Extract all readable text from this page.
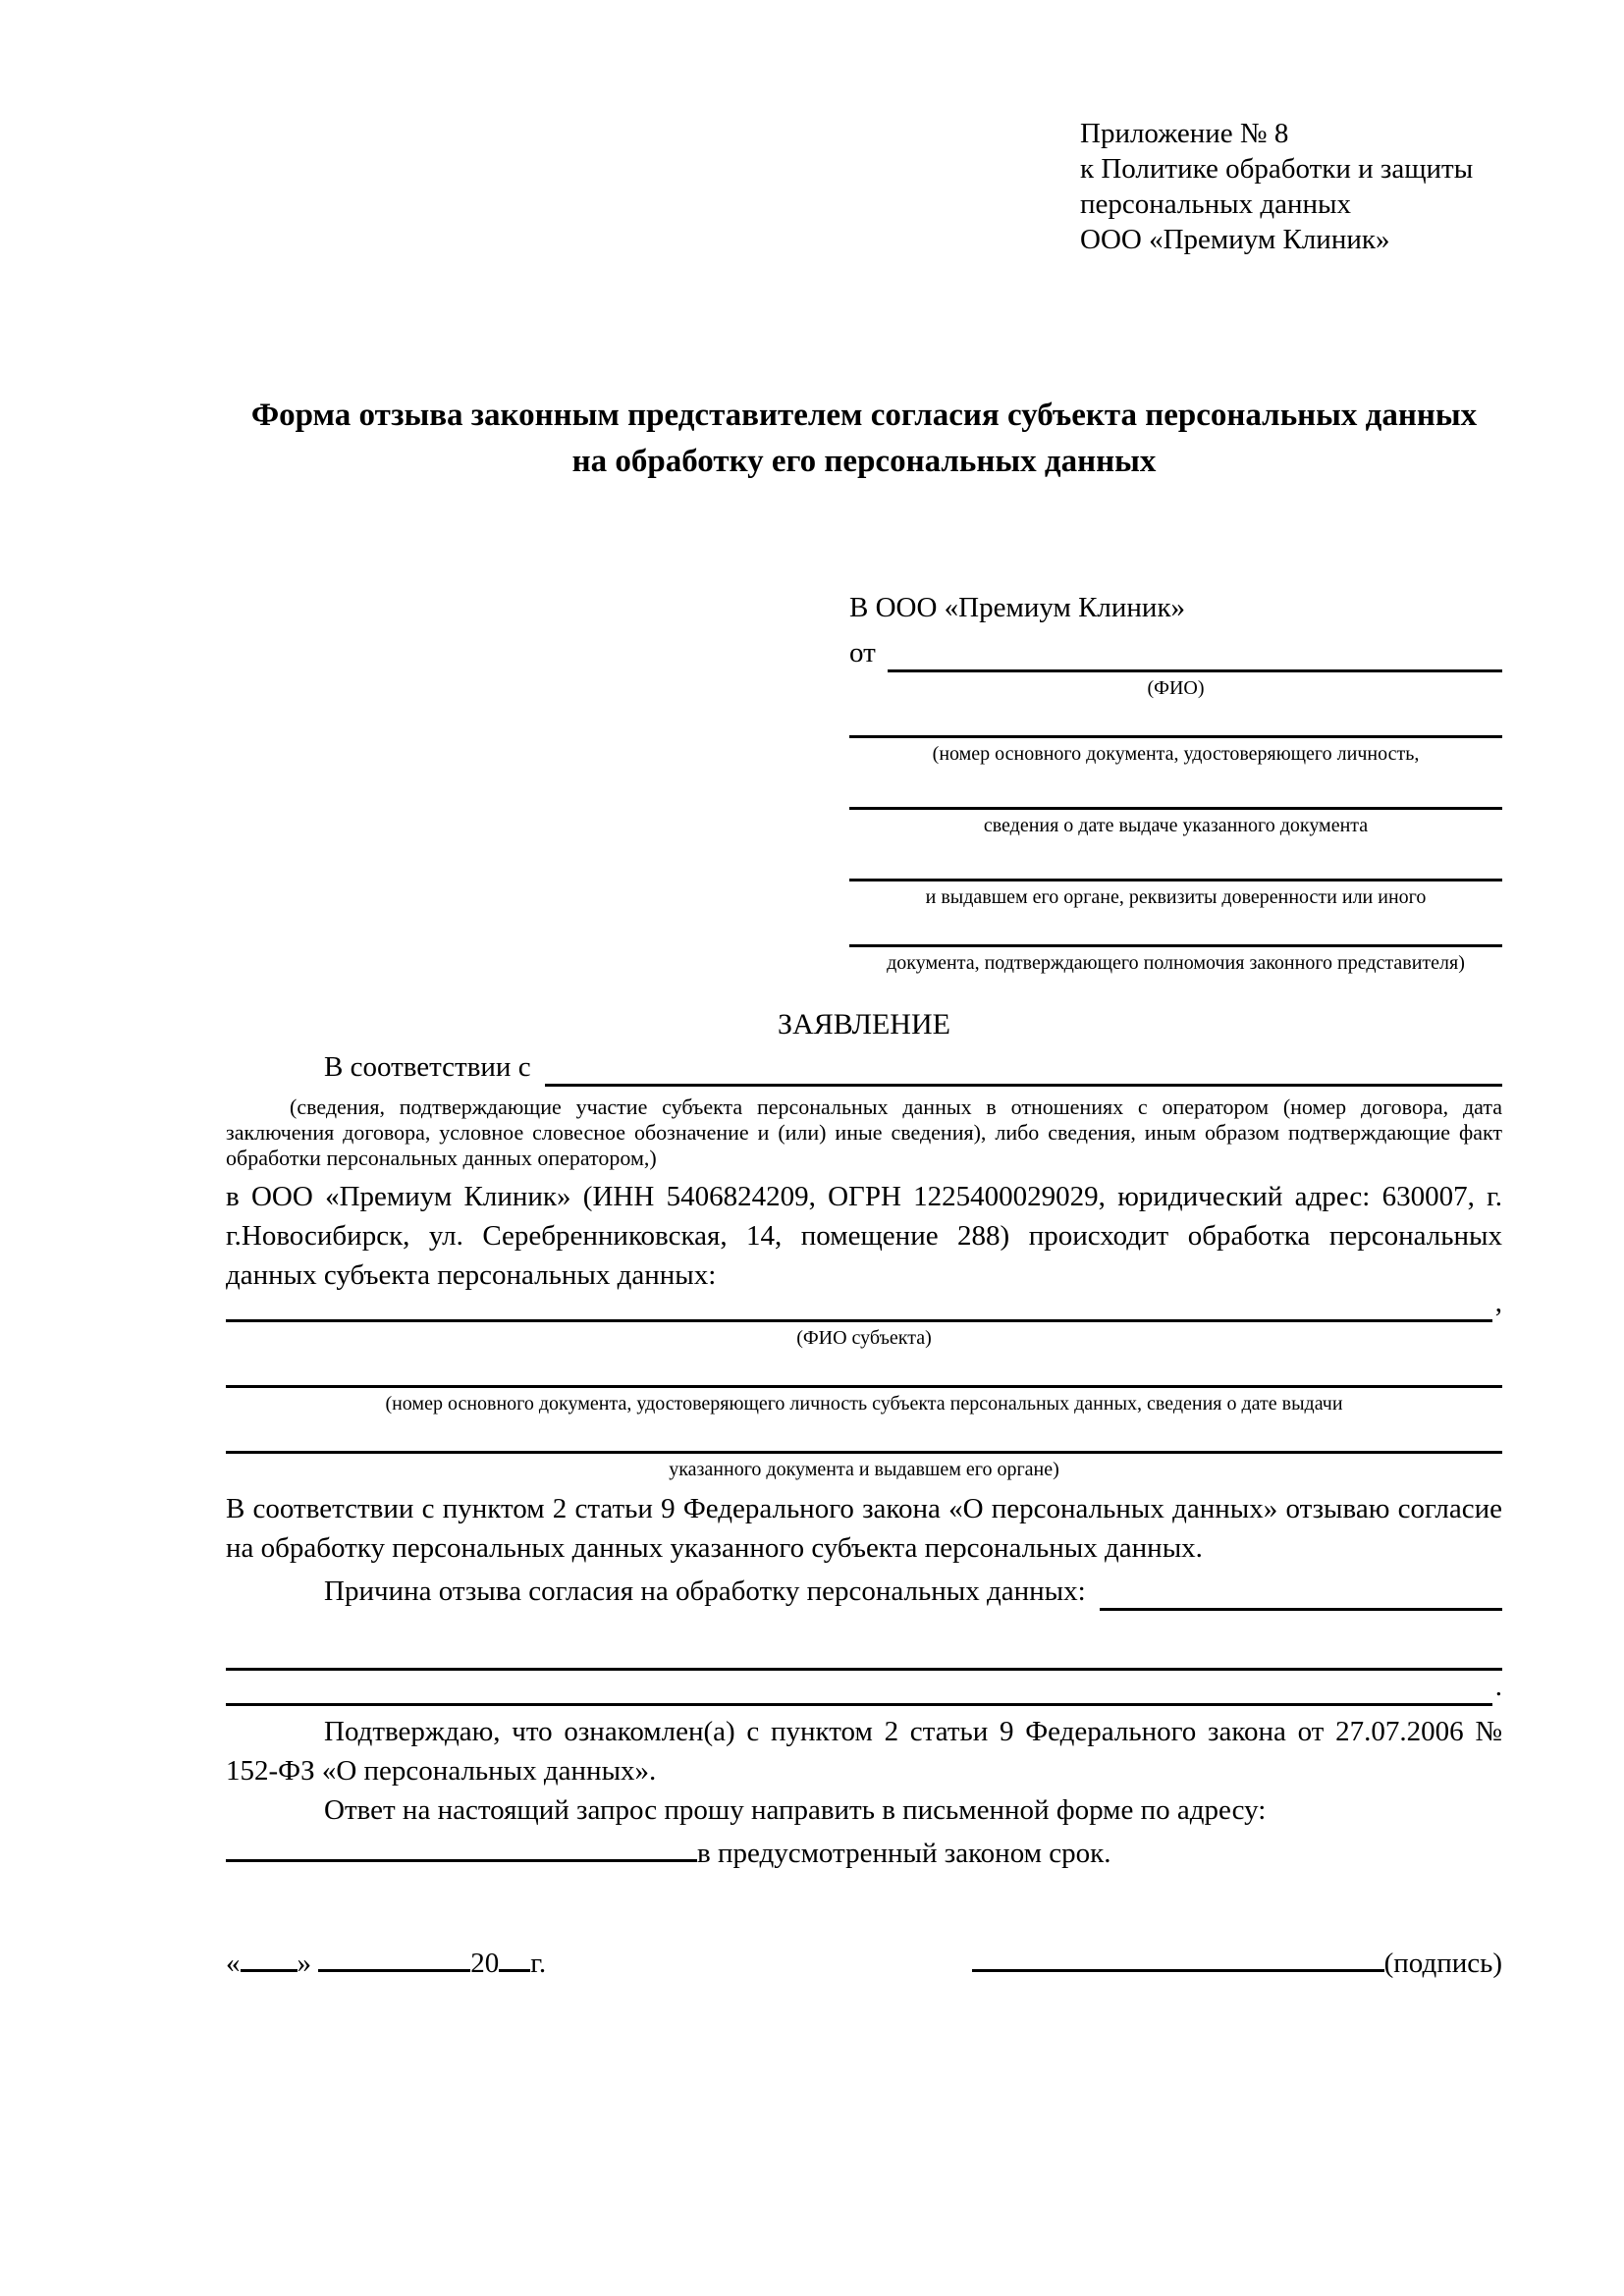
Приложение № 8
к Политике обработки и защиты
персональных данных
ООО «Премиум Клиник»
Форма отзыва законным представителем согласия субъекта персональных данных на обработку его персональных данных
В ООО «Премиум Клиник»
от
(ФИО)
(номер основного документа, удостоверяющего личность,
сведения о дате выдаче указанного документа
и выдавшем его органе, реквизиты доверенности или иного
документа, подтверждающего полномочия законного представителя)
ЗАЯВЛЕНИЕ
В соответствии с
(сведения, подтверждающие участие субъекта персональных данных в отношениях с оператором (номер договора, дата заключения договора, условное словесное обозначение и (или) иные сведения), либо сведения, иным образом подтверждающие факт обработки персональных данных оператором,)
в ООО «Премиум Клиник» (ИНН 5406824209, ОГРН 1225400029029, юридический адрес: 630007, г. г.Новосибирск, ул. Серебренниковская, 14, помещение 288) происходит обработка персональных данных субъекта персональных данных:
,
(ФИО субъекта)
(номер основного документа, удостоверяющего личность субъекта персональных данных, сведения о дате выдачи
указанного документа и выдавшем его органе)
В соответствии с пунктом 2 статьи 9 Федерального закона «О персональных данных» отзываю согласие на обработку персональных данных указанного субъекта персональных данных.
Причина отзыва согласия на обработку персональных данных:
.
Подтверждаю, что ознакомлен(а) с пунктом 2 статьи 9 Федерального закона от 27.07.2006 № 152-ФЗ «О персональных данных».
Ответ на настоящий запрос прошу направить в письменной форме по адресу:
в предусмотренный законом срок.
« »	20 г.	(подпись)
